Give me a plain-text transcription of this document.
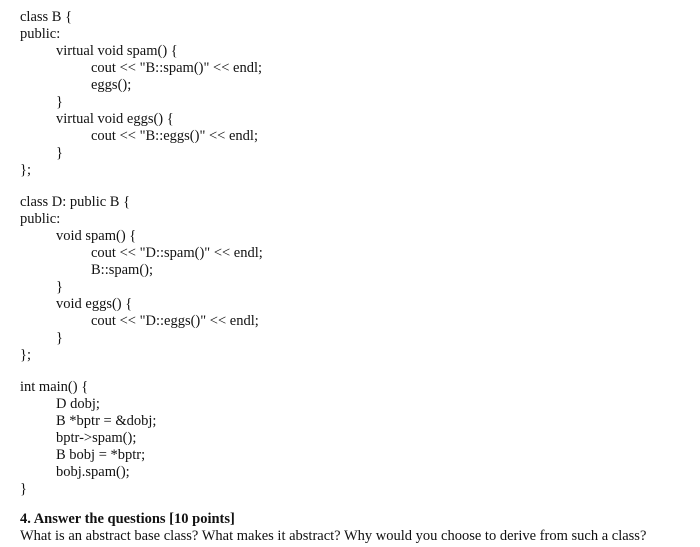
class B {
public:
virtual void spam() {
cout << "B::spam()" << endl;
eggs();
}
virtual void eggs() {
cout << "B::eggs()" << endl;
}
};
class D: public B {
public:
void spam() {
cout << "D::spam()" << endl;
B::spam();
}
void eggs() {
cout << "D::eggs()" << endl;
}
};
int main() {
D dobj;
B *bptr = &dobj;
bptr->spam();
B bobj = *bptr;
bobj.spam();
}
4. Answer the questions [10 points]
What is an abstract base class? What makes it abstract? Why would you choose to derive from such a class?
